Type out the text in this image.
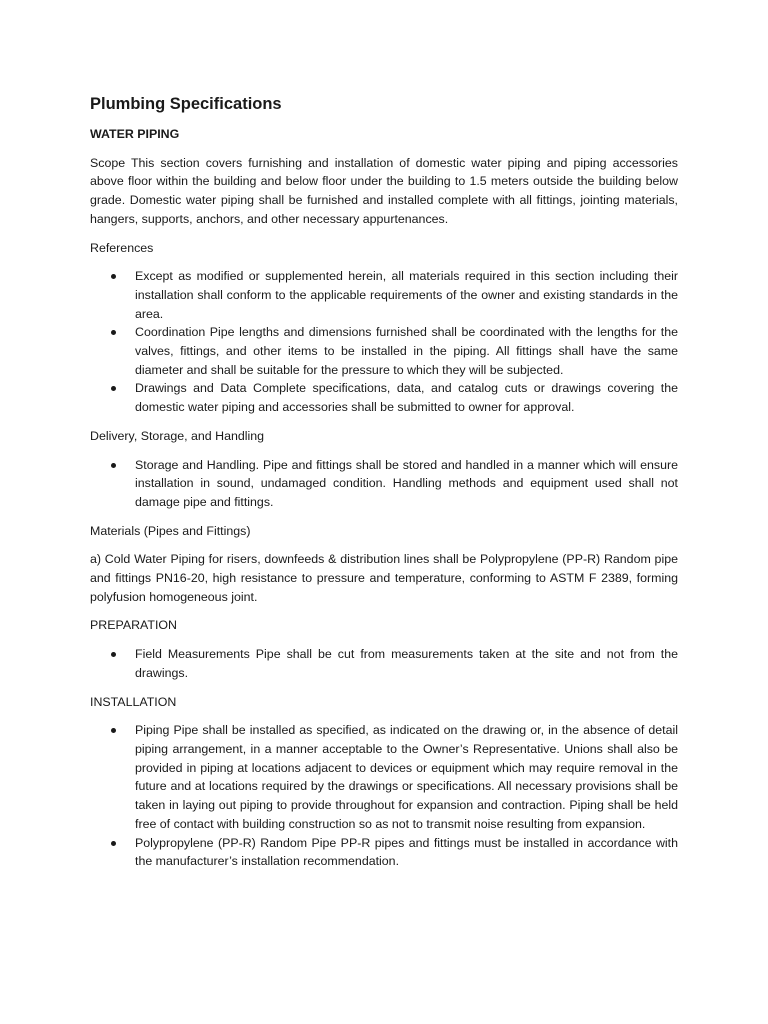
Plumbing Specifications
WATER PIPING

Scope This section covers furnishing and installation of domestic water piping and piping accessories above floor within the building and below floor under the building to 1.5 meters outside the building below grade. Domestic water piping shall be furnished and installed complete with all fittings, jointing materials, hangers, supports, anchors, and other necessary appurtenances.

References
Except as modified or supplemented herein, all materials required in this section including their installation shall conform to the applicable requirements of the owner and existing standards in the area.
Coordination Pipe lengths and dimensions furnished shall be coordinated with the lengths for the valves, fittings, and other items to be installed in the piping. All fittings shall have the same diameter and shall be suitable for the pressure to which they will be subjected.
Drawings and Data Complete specifications, data, and catalog cuts or drawings covering the domestic water piping and accessories shall be submitted to owner for approval.
Delivery, Storage, and Handling
Storage and Handling. Pipe and fittings shall be stored and handled in a manner which will ensure installation in sound, undamaged condition. Handling methods and equipment used shall not damage pipe and fittings.
Materials (Pipes and Fittings)

a) Cold Water Piping for risers, downfeeds & distribution lines shall be Polypropylene (PP-R) Random pipe and fittings PN16-20, high resistance to pressure and temperature, conforming to ASTM F 2389, forming polyfusion homogeneous joint.

PREPARATION
Field Measurements Pipe shall be cut from measurements taken at the site and not from the drawings.
INSTALLATION
Piping Pipe shall be installed as specified, as indicated on the drawing or, in the absence of detail piping arrangement, in a manner acceptable to the Owner’s Representative. Unions shall also be provided in piping at locations adjacent to devices or equipment which may require removal in the future and at locations required by the drawings or specifications. All necessary provisions shall be taken in laying out piping to provide throughout for expansion and contraction. Piping shall be held free of contact with building construction so as not to transmit noise resulting from expansion.
Polypropylene (PP-R) Random Pipe PP-R pipes and fittings must be installed in accordance with the manufacturer’s installation recommendation.
